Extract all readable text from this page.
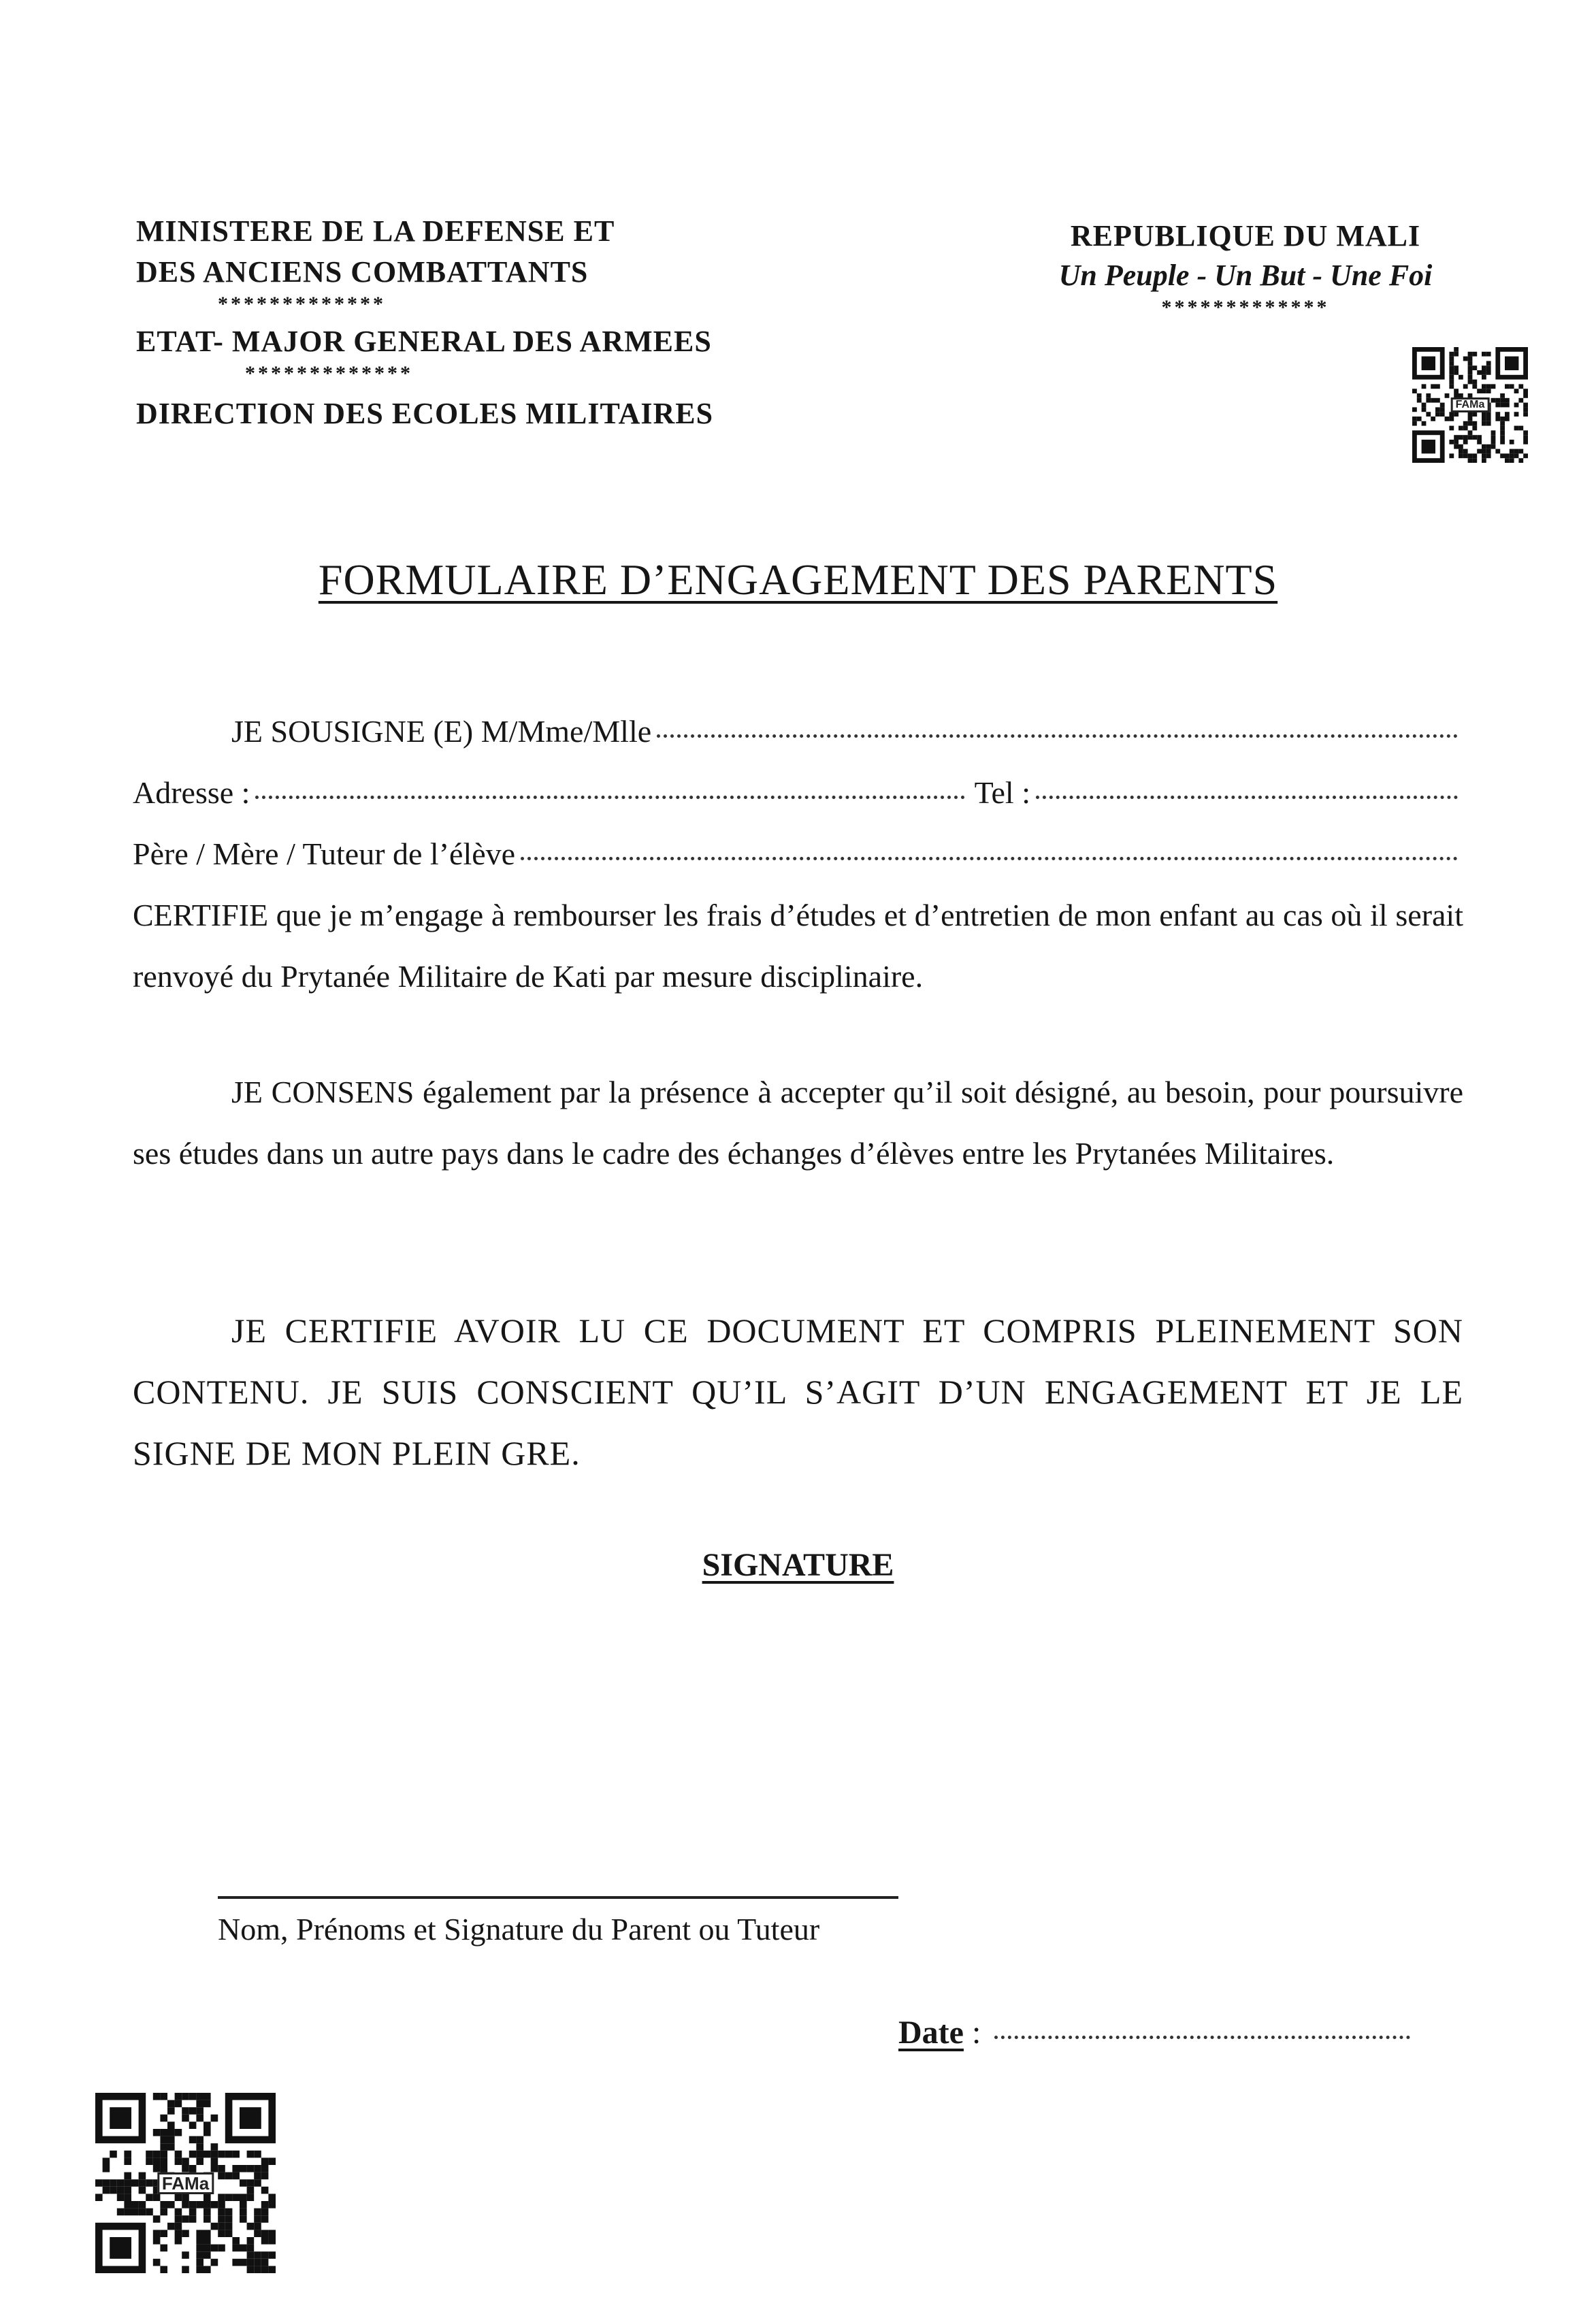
MINISTERE DE LA DEFENSE ET
DES ANCIENS COMBATTANTS
*************
ETAT- MAJOR GENERAL DES ARMEES
*************
DIRECTION DES ECOLES MILITAIRES
REPUBLIQUE DU MALI
Un Peuple - Un But - Une Foi
*************
FAMa
FORMULAIRE D’ENGAGEMENT DES PARENTS
JE SOUSIGNE (E) M/Mme/Mlle
Adresse :	Tel :
Père / Mère / Tuteur de l’élève
CERTIFIE que je m’engage à rembourser les frais d’études et d’entretien de mon enfant au cas où il serait renvoyé du Prytanée Militaire de Kati par mesure disciplinaire.
JE CONSENS également par la présence à accepter qu’il soit désigné, au besoin, pour poursuivre ses études dans un autre pays dans le cadre des échanges d’élèves entre les Prytanées Militaires.
JE CERTIFIE AVOIR LU CE DOCUMENT ET COMPRIS PLEINEMENT SON CONTENU. JE SUIS CONSCIENT QU’IL S’AGIT D’UN ENGAGEMENT ET JE LE SIGNE DE MON PLEIN GRE.
SIGNATURE
Nom, Prénoms et Signature du Parent ou Tuteur
Date :
FAMa
